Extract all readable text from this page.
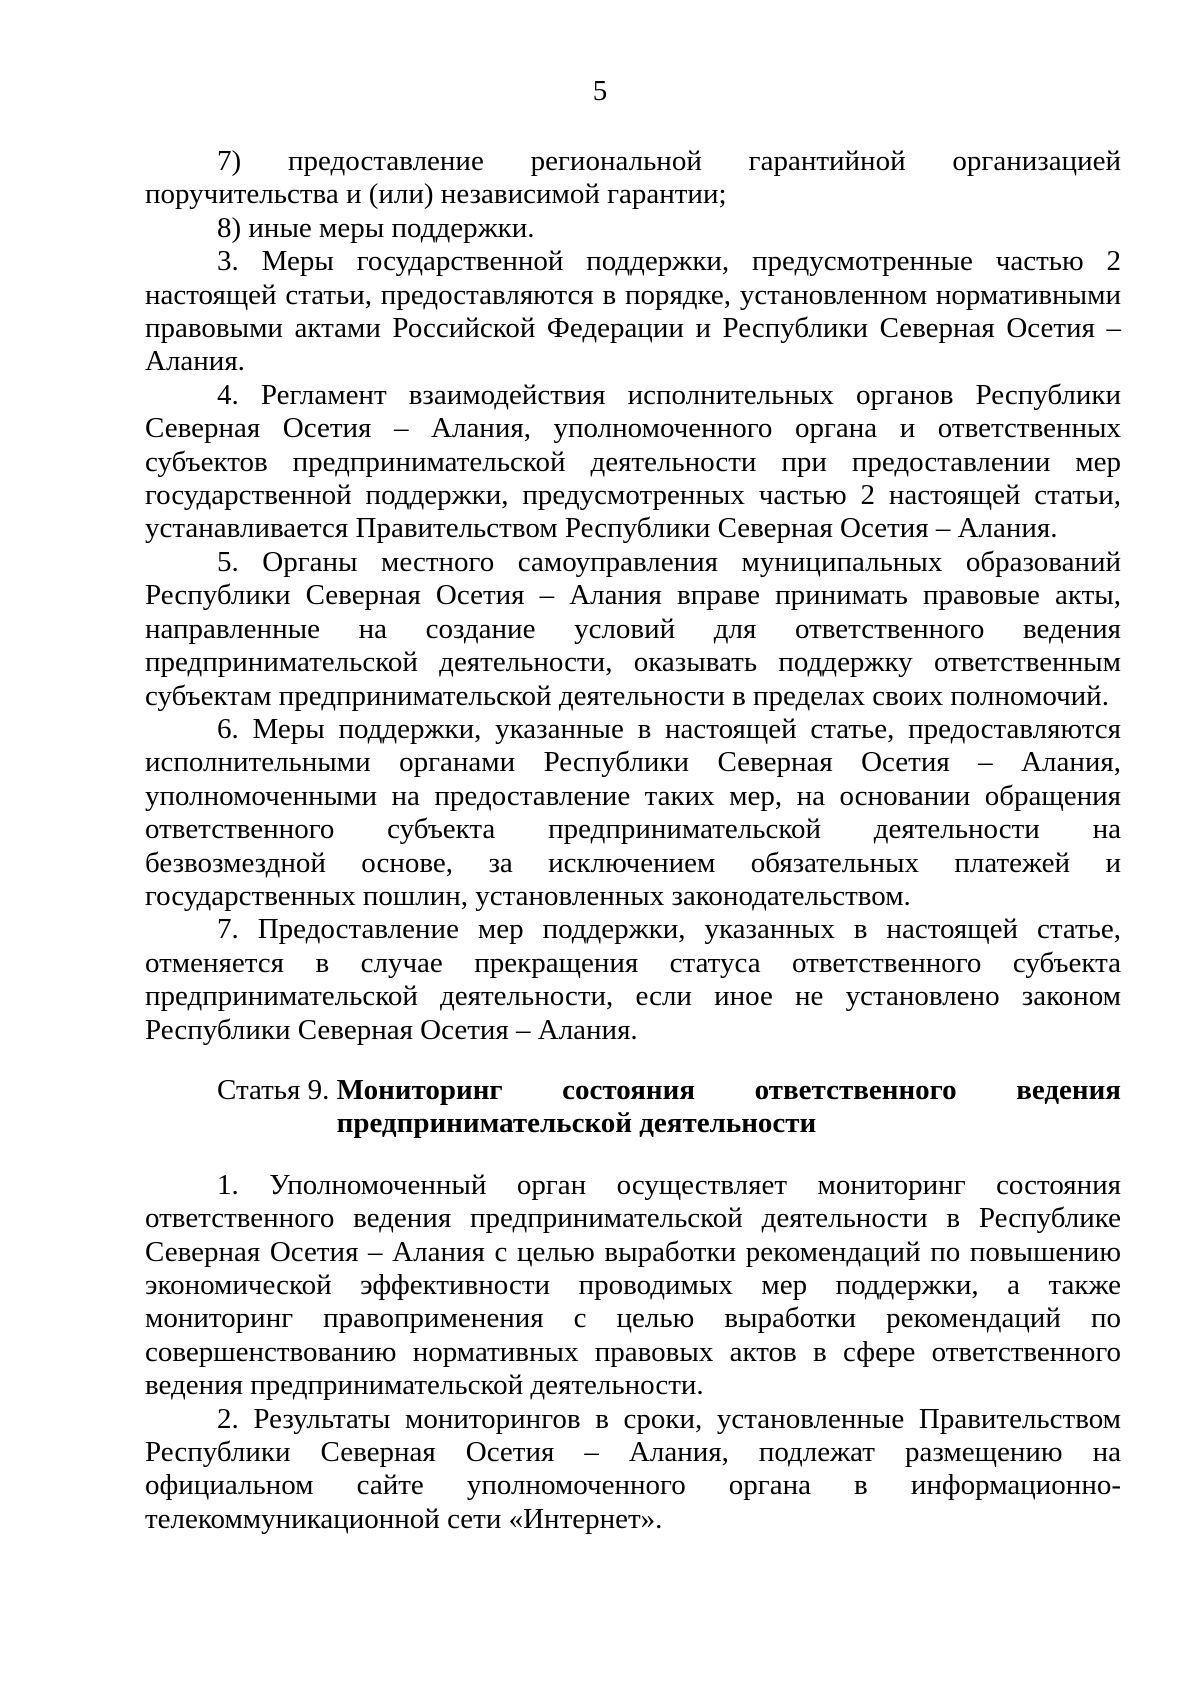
5

7) предоставление региональной гарантийной организацией поручительства и (или) независимой гарантии;

8) иные меры поддержки.

3. Меры государственной поддержки, предусмотренные частью 2 настоящей статьи, предоставляются в порядке, установленном нормативными правовыми актами Российской Федерации и Республики Северная Осетия – Алания.

4. Регламент взаимодействия исполнительных органов Республики Северная Осетия – Алания, уполномоченного органа и ответственных субъектов предпринимательской деятельности при предоставлении мер государственной поддержки, предусмотренных частью 2 настоящей статьи, устанавливается Правительством Республики Северная Осетия – Алания.

5. Органы местного самоуправления муниципальных образований Республики Северная Осетия – Алания вправе принимать правовые акты, направленные на создание условий для ответственного ведения предпринимательской деятельности, оказывать поддержку ответственным субъектам предпринимательской деятельности в пределах своих полномочий.

6. Меры поддержки, указанные в настоящей статье, предоставляются исполнительными органами Республики Северная Осетия – Алания, уполномоченными на предоставление таких мер, на основании обращения ответственного субъекта предпринимательской деятельности на безвозмездной основе, за исключением обязательных платежей и государственных пошлин, установленных законодательством.

7. Предоставление мер поддержки, указанных в настоящей статье, отменяется в случае прекращения статуса ответственного субъекта предпринимательской деятельности, если иное не установлено законом Республики Северная Осетия – Алания.

Статья 9. Мониторинг состояния ответственного ведения предпринимательской деятельности

1. Уполномоченный орган осуществляет мониторинг состояния ответственного ведения предпринимательской деятельности в Республике Северная Осетия – Алания с целью выработки рекомендаций по повышению экономической эффективности проводимых мер поддержки, а также мониторинг правоприменения с целью выработки рекомендаций по совершенствованию нормативных правовых актов в сфере ответственного ведения предпринимательской деятельности.

2. Результаты мониторингов в сроки, установленные Правительством Республики Северная Осетия – Алания, подлежат размещению на официальном сайте уполномоченного органа в информационно-телекоммуникационной сети «Интернет».
